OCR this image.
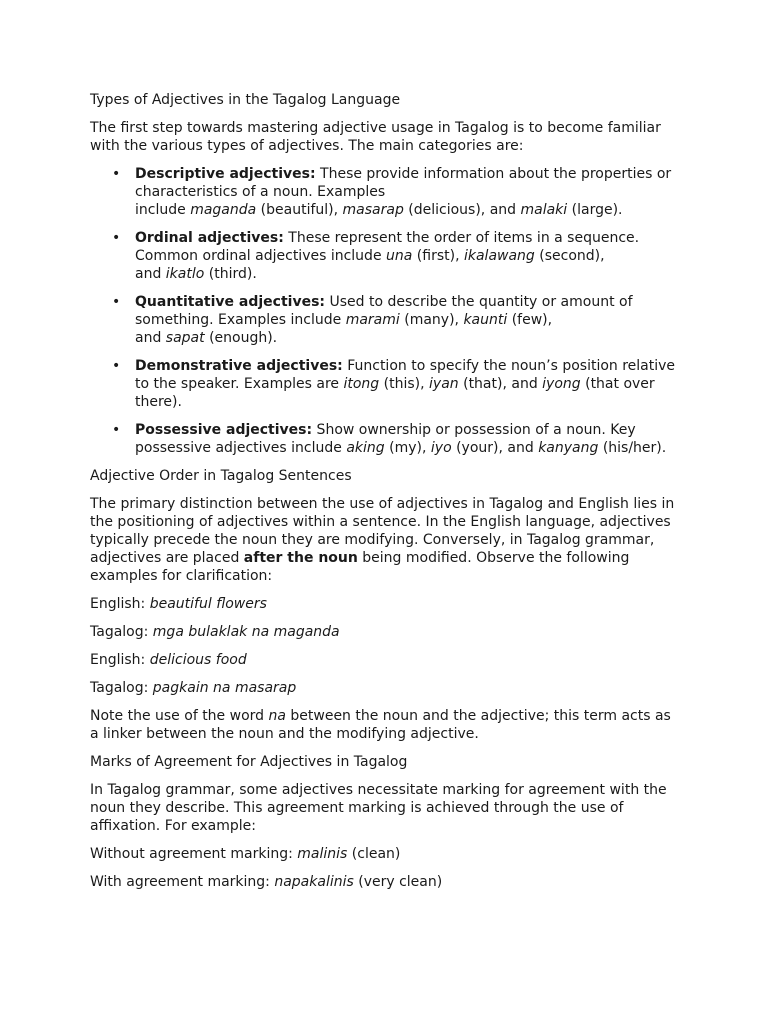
Types of Adjectives in the Tagalog Language

The first step towards mastering adjective usage in Tagalog is to become familiar with the various types of adjectives. The main categories are:

• Descriptive adjectives: These provide information about the properties or characteristics of a noun. Examples
include maganda (beautiful), masarap (delicious), and malaki (large).
• Ordinal adjectives: These represent the order of items in a sequence. Common ordinal adjectives include una (first), ikalawang (second),
and ikatlo (third).
• Quantitative adjectives: Used to describe the quantity or amount of something. Examples include marami (many), kaunti (few),
and sapat (enough).
• Demonstrative adjectives: Function to specify the noun’s position relative to the speaker. Examples are itong (this), iyan (that), and iyong (that over there).
• Possessive adjectives: Show ownership or possession of a noun. Key possessive adjectives include aking (my), iyo (your), and kanyang (his/her).

Adjective Order in Tagalog Sentences

The primary distinction between the use of adjectives in Tagalog and English lies in the positioning of adjectives within a sentence. In the English language, adjectives typically precede the noun they are modifying. Conversely, in Tagalog grammar, adjectives are placed after the noun being modified. Observe the following examples for clarification:

English: beautiful flowers

Tagalog: mga bulaklak na maganda

English: delicious food

Tagalog: pagkain na masarap

Note the use of the word na between the noun and the adjective; this term acts as a linker between the noun and the modifying adjective.

Marks of Agreement for Adjectives in Tagalog

In Tagalog grammar, some adjectives necessitate marking for agreement with the noun they describe. This agreement marking is achieved through the use of affixation. For example:

Without agreement marking: malinis (clean)

With agreement marking: napakalinis (very clean)
